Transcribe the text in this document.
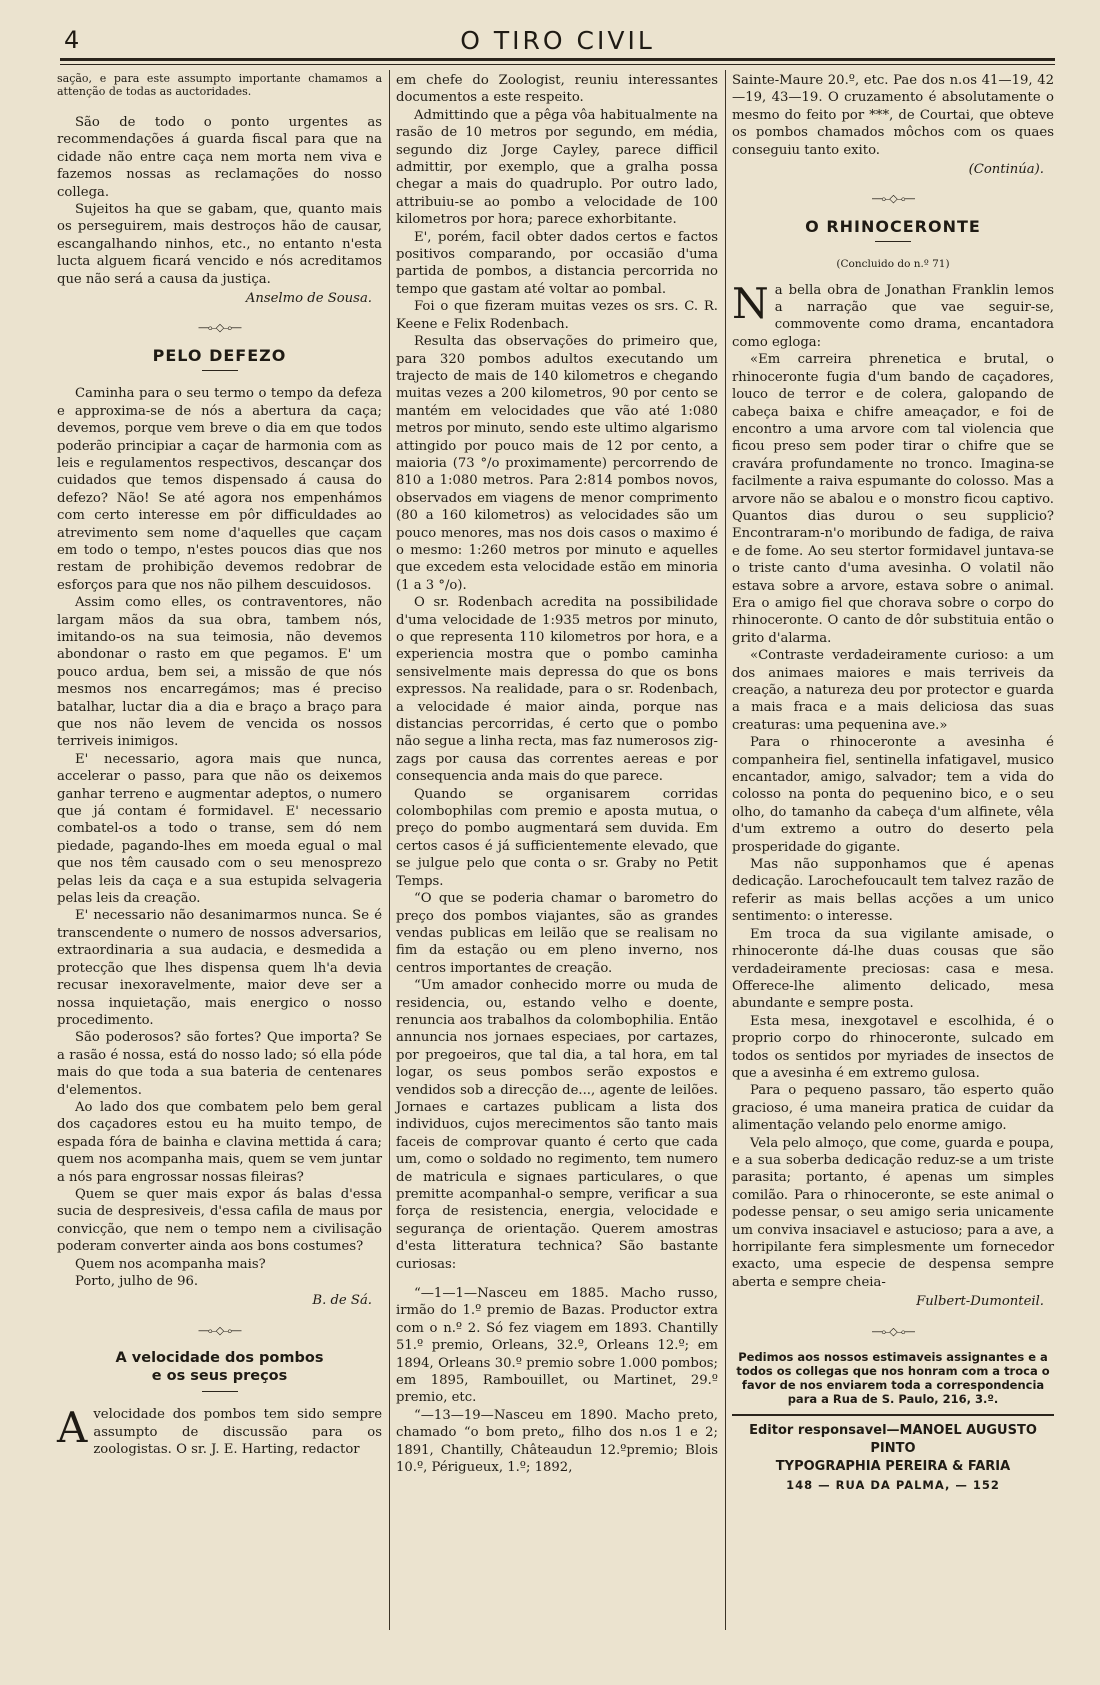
4	O TIRO CIVIL

sação, e para este assumpto importante chamamos a attenção de todas as auctoridades.

São de todo o ponto urgentes as recommendações á guarda fiscal para que na cidade não entre caça nem morta nem viva e fazemos nossas as reclamações do nosso collega.

Sujeitos ha que se gabam, que, quanto mais os perseguirem, mais destroços hão de causar, escangalhando ninhos, etc., no entanto n'esta lucta alguem ficará vencido e nós acreditamos que não será a causa da justiça.

Anselmo de Sousa.
—⟜◇⊸—
PELO DEFEZO

Caminha para o seu termo o tempo da defeza e approxima-se de nós a abertura da caça; devemos, porque vem breve o dia em que todos poderão principiar a caçar de harmonia com as leis e regulamentos respectivos, descançar dos cuidados que temos dispensado á causa do defezo? Não! Se até agora nos empenhámos com certo interesse em pôr difficuldades ao atrevimento sem nome d'aquelles que caçam em todo o tempo, n'estes poucos dias que nos restam de prohibição devemos redobrar de esforços para que nos não pilhem descuidosos.

Assim como elles, os contraventores, não largam mãos da sua obra, tambem nós, imitando-os na sua teimosia, não devemos abondonar o rasto em que pegamos. E' um pouco ardua, bem sei, a missão de que nós mesmos nos encarregámos; mas é preciso batalhar, luctar dia a dia e braço a braço para que nos não levem de vencida os nossos terriveis inimigos.

E' necessario, agora mais que nunca, accelerar o passo, para que não os deixemos ganhar terreno e augmentar adeptos, o numero que já contam é formidavel. E' necessario combatel-os a todo o transe, sem dó nem piedade, pagando-lhes em moeda egual o mal que nos têm causado com o seu menosprezo pelas leis da caça e a sua estupida selvageria pelas leis da creação.

E' necessario não desanimarmos nunca. Se é transcendente o numero de nossos adversarios, extraordinaria a sua audacia, e desmedida a protecção que lhes dispensa quem lh'a devia recusar inexoravelmente, maior deve ser a nossa inquietação, mais energico o nosso procedimento.

São poderosos? são fortes? Que importa? Se a rasão é nossa, está do nosso lado; só ella póde mais do que toda a sua bateria de centenares d'elementos.

Ao lado dos que combatem pelo bem geral dos caçadores estou eu ha muito tempo, de espada fóra de bainha e clavina mettida á cara; quem nos acompanha mais, quem se vem juntar a nós para engrossar nossas fileiras?

Quem se quer mais expor ás balas d'essa sucia de despresiveis, d'essa cafila de maus por convicção, que nem o tempo nem a civilisação poderam converter ainda aos bons costumes?

Quem nos acompanha mais?

Porto, julho de 96.

B. de Sá.
—⟜◇⊸—
A velocidade dos pombos
e os seus preços

Avelocidade dos pombos tem sido sempre assumpto de discussão para os zoologistas. O sr. J. E. Harting, redactor

em chefe do Zoologist, reuniu interessantes documentos a este respeito.

Admittindo que a pêga vôa habitualmente na rasão de 10 metros por segundo, em média, segundo diz Jorge Cayley, parece difficil admittir, por exemplo, que a gralha possa chegar a mais do quadruplo. Por outro lado, attribuiu-se ao pombo a velocidade de 100 kilometros por hora; parece exhorbitante.

E', porém, facil obter dados certos e factos positivos comparando, por occasião d'uma partida de pombos, a distancia percorrida no tempo que gastam até voltar ao pombal.

Foi o que fizeram muitas vezes os srs. C. R. Keene e Felix Rodenbach.

Resulta das observações do primeiro que, para 320 pombos adultos executando um trajecto de mais de 140 kilometros e chegando muitas vezes a 200 kilometros, 90 por cento se mantém em velocidades que vão até 1:080 metros por minuto, sendo este ultimo algarismo attingido por pouco mais de 12 por cento, a maioria (73 °/o proximamente) percorrendo de 810 a 1:080 metros. Para 2:814 pombos novos, observados em viagens de menor comprimento (80 a 160 kilometros) as velocidades são um pouco menores, mas nos dois casos o maximo é o mesmo: 1:260 metros por minuto e aquelles que excedem esta velocidade estão em minoria (1 a 3 °/o).

O sr. Rodenbach acredita na possibilidade d'uma velocidade de 1:935 metros por minuto, o que representa 110 kilometros por hora, e a experiencia mostra que o pombo caminha sensivelmente mais depressa do que os bons expressos. Na realidade, para o sr. Rodenbach, a velocidade é maior ainda, porque nas distancias percorridas, é certo que o pombo não segue a linha recta, mas faz numerosos zig-zags por causa das correntes aereas e por consequencia anda mais do que parece.

Quando se organisarem corridas colombophilas com premio e aposta mutua, o preço do pombo augmentará sem duvida. Em certos casos é já sufficientemente elevado, que se julgue pelo que conta o sr. Graby no Petit Temps.

“O que se poderia chamar o barometro do preço dos pombos viajantes, são as grandes vendas publicas em leilão que se realisam no fim da estação ou em pleno inverno, nos centros importantes de creação.

“Um amador conhecido morre ou muda de residencia, ou, estando velho e doente, renuncia aos trabalhos da colombophilia. Então annuncia nos jornaes especiaes, por cartazes, por pregoeiros, que tal dia, a tal hora, em tal logar, os seus pombos serão expostos e vendidos sob a direcção de..., agente de leilões. Jornaes e cartazes publicam a lista dos individuos, cujos merecimentos são tanto mais faceis de comprovar quanto é certo que cada um, como o soldado no regimento, tem numero de matricula e signaes particulares, o que premitte acompanhal-o sempre, verificar a sua força de resistencia, energia, velocidade e segurança de orientação. Querem amostras d'esta litteratura technica? São bastante curiosas:

“—1—1—Nasceu em 1885. Macho russo, irmão do 1.º premio de Bazas. Productor extra com o n.º 2. Só fez viagem em 1893. Chantilly 51.º premio, Orleans, 32.º, Orleans 12.º; em 1894, Orleans 30.º premio sobre 1.000 pombos; em 1895, Rambouillet, ou Martinet, 29.º premio, etc.

“—13—19—Nasceu em 1890. Macho preto, chamado “o bom preto„ filho dos n.os 1 e 2; 1891, Chantilly, Châteaudun 12.ºpremio; Blois 10.º, Périgueux, 1.º; 1892,

Sainte-Maure 20.º, etc. Pae dos n.os 41—19, 42—19, 43—19. O cruzamento é absolutamente o mesmo do feito por ***, de Courtai, que obteve os pombos chamados môchos com os quaes conseguiu tanto exito.

(Continúa).
—⟜◇⊸—
O RHINOCERONTE
(Concluido do n.º 71)

Na bella obra de Jonathan Franklin lemos a narração que vae seguir-se, commovente como drama, encantadora como egloga:

«Em carreira phrenetica e brutal, o rhinoceronte fugia d'um bando de caçadores, louco de terror e de colera, galopando de cabeça baixa e chifre ameaçador, e foi de encontro a uma arvore com tal violencia que ficou preso sem poder tirar o chifre que se cravára profundamente no tronco. Imagina-se facilmente a raiva espumante do colosso. Mas a arvore não se abalou e o monstro ficou captivo. Quantos dias durou o seu supplicio? Encontraram-n'o moribundo de fadiga, de raiva e de fome. Ao seu stertor formidavel juntava-se o triste canto d'uma avesinha. O volatil não estava sobre a arvore, estava sobre o animal. Era o amigo fiel que chorava sobre o corpo do rhinoceronte. O canto de dôr substituia então o grito d'alarma.

«Contraste verdadeiramente curioso: a um dos animaes maiores e mais terriveis da creação, a natureza deu por protector e guarda a mais fraca e a mais deliciosa das suas creaturas: uma pequenina ave.»

Para o rhinoceronte a avesinha é companheira fiel, sentinella infatigavel, musico encantador, amigo, salvador; tem a vida do colosso na ponta do pequenino bico, e o seu olho, do tamanho da cabeça d'um alfinete, vêla d'um extremo a outro do deserto pela prosperidade do gigante.

Mas não supponhamos que é apenas dedicação. Larochefoucault tem talvez razão de referir as mais bellas acções a um unico sentimento: o interesse.

Em troca da sua vigilante amisade, o rhinoceronte dá-lhe duas cousas que são verdadeiramente preciosas: casa e mesa. Offerece-lhe alimento delicado, mesa abundante e sempre posta.

Esta mesa, inexgotavel e escolhida, é o proprio corpo do rhinoceronte, sulcado em todos os sentidos por myriades de insectos de que a avesinha é em extremo gulosa.

Para o pequeno passaro, tão esperto quão gracioso, é uma maneira pratica de cuidar da alimentação velando pelo enorme amigo.

Vela pelo almoço, que come, guarda e poupa, e a sua soberba dedicação reduz-se a um triste parasita; portanto, é apenas um simples comilão. Para o rhinoceronte, se este animal o podesse pensar, o seu amigo seria unicamente um conviva insaciavel e astucioso; para a ave, a horripilante fera simplesmente um fornecedor exacto, uma especie de despensa sempre aberta e sempre cheia-

Fulbert-Dumonteil.
—⟜◇⊸—
Pedimos aos nossos estimaveis assignantes e a todos os collegas que nos honram com a troca o favor de nos enviarem toda a correspondencia para a Rua de S. Paulo, 216, 3.º.
Editor responsavel—MANOEL AUGUSTO PINTO
TYPOGRAPHIA PEREIRA & FARIA
148 — RUA DA PALMA, — 152
